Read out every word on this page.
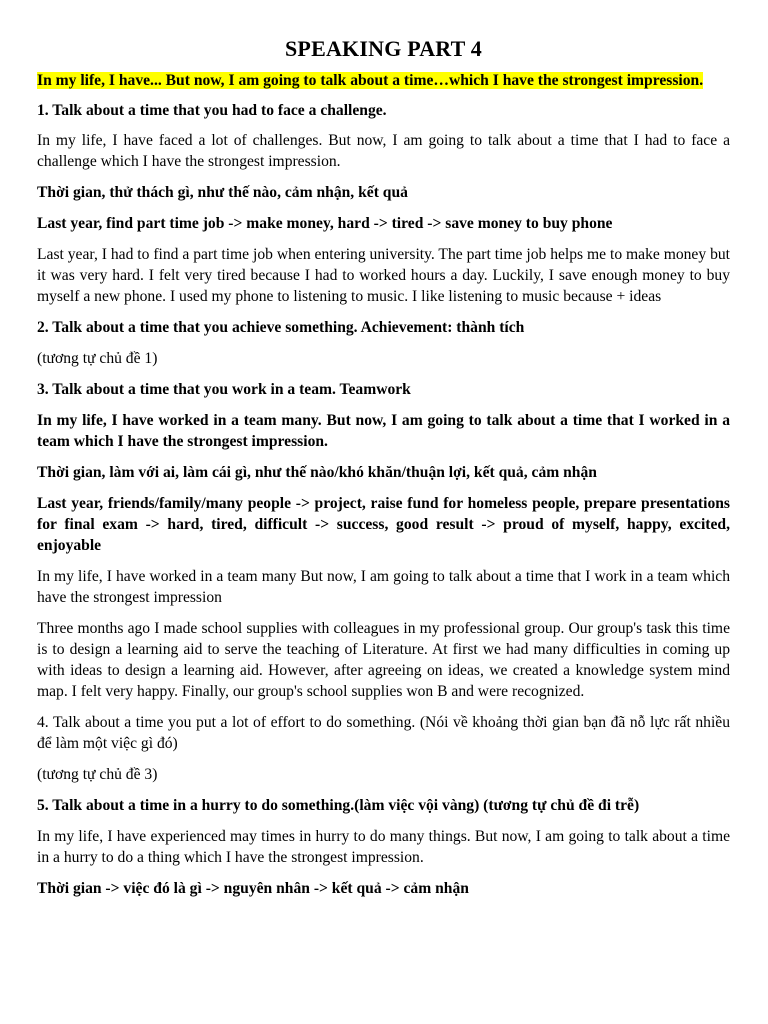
SPEAKING PART 4

In my life, I have... But now, I am going to talk about a time…which I have the strongest impression.

1. Talk about a time that you had to face a challenge.

In my life, I have faced a lot of challenges. But now, I am going to talk about a time that I had to face a challenge which I have the strongest impression.

Thời gian, thử thách gì, như thế nào, cảm nhận, kết quả

Last year, find part time job -> make money, hard -> tired -> save money to buy phone

Last year, I had to find a part time job when entering university. The part time job helps me to make money but it was very hard. I felt very tired because I had to worked hours a day. Luckily, I save enough money to buy myself a new phone. I used my phone to listening to music. I like listening to music because + ideas

2. Talk about a time that you achieve something. Achievement: thành tích

(tương tự chủ đề 1)

3. Talk about a time that you work in a team. Teamwork

In my life, I have worked in a team many. But now, I am going to talk about a time that I worked in a team which I have the strongest impression.

Thời gian, làm với ai, làm cái gì, như thế nào/khó khăn/thuận lợi, kết quả, cảm nhận

Last year, friends/family/many people -> project, raise fund for homeless people, prepare presentations for final exam -> hard, tired, difficult -> success, good result -> proud of myself, happy, excited, enjoyable

In my life, I have worked in a team many But now, I am going to talk about a time that I work in a team which have the strongest impression

Three months ago I made school supplies with colleagues in my professional group. Our group's task this time is to design a learning aid to serve the teaching of Literature. At first we had many difficulties in coming up with ideas to design a learning aid. However, after agreeing on ideas, we created a knowledge system mind map. I felt very happy. Finally, our group's school supplies won B and were recognized.

4. Talk about a time you put a lot of effort to do something. (Nói về khoảng thời gian bạn đã nỗ lực rất nhiều để làm một việc gì đó)

(tương tự chủ đề 3)

5. Talk about a time in a hurry to do something.(làm việc vội vàng) (tương tự chủ đề đi trễ)

In my life, I have experienced may times in hurry to do many things. But now, I am going to talk about a time in a hurry to do a thing which I have the strongest impression.

Thời gian -> việc đó là gì -> nguyên nhân -> kết quả -> cảm nhận
